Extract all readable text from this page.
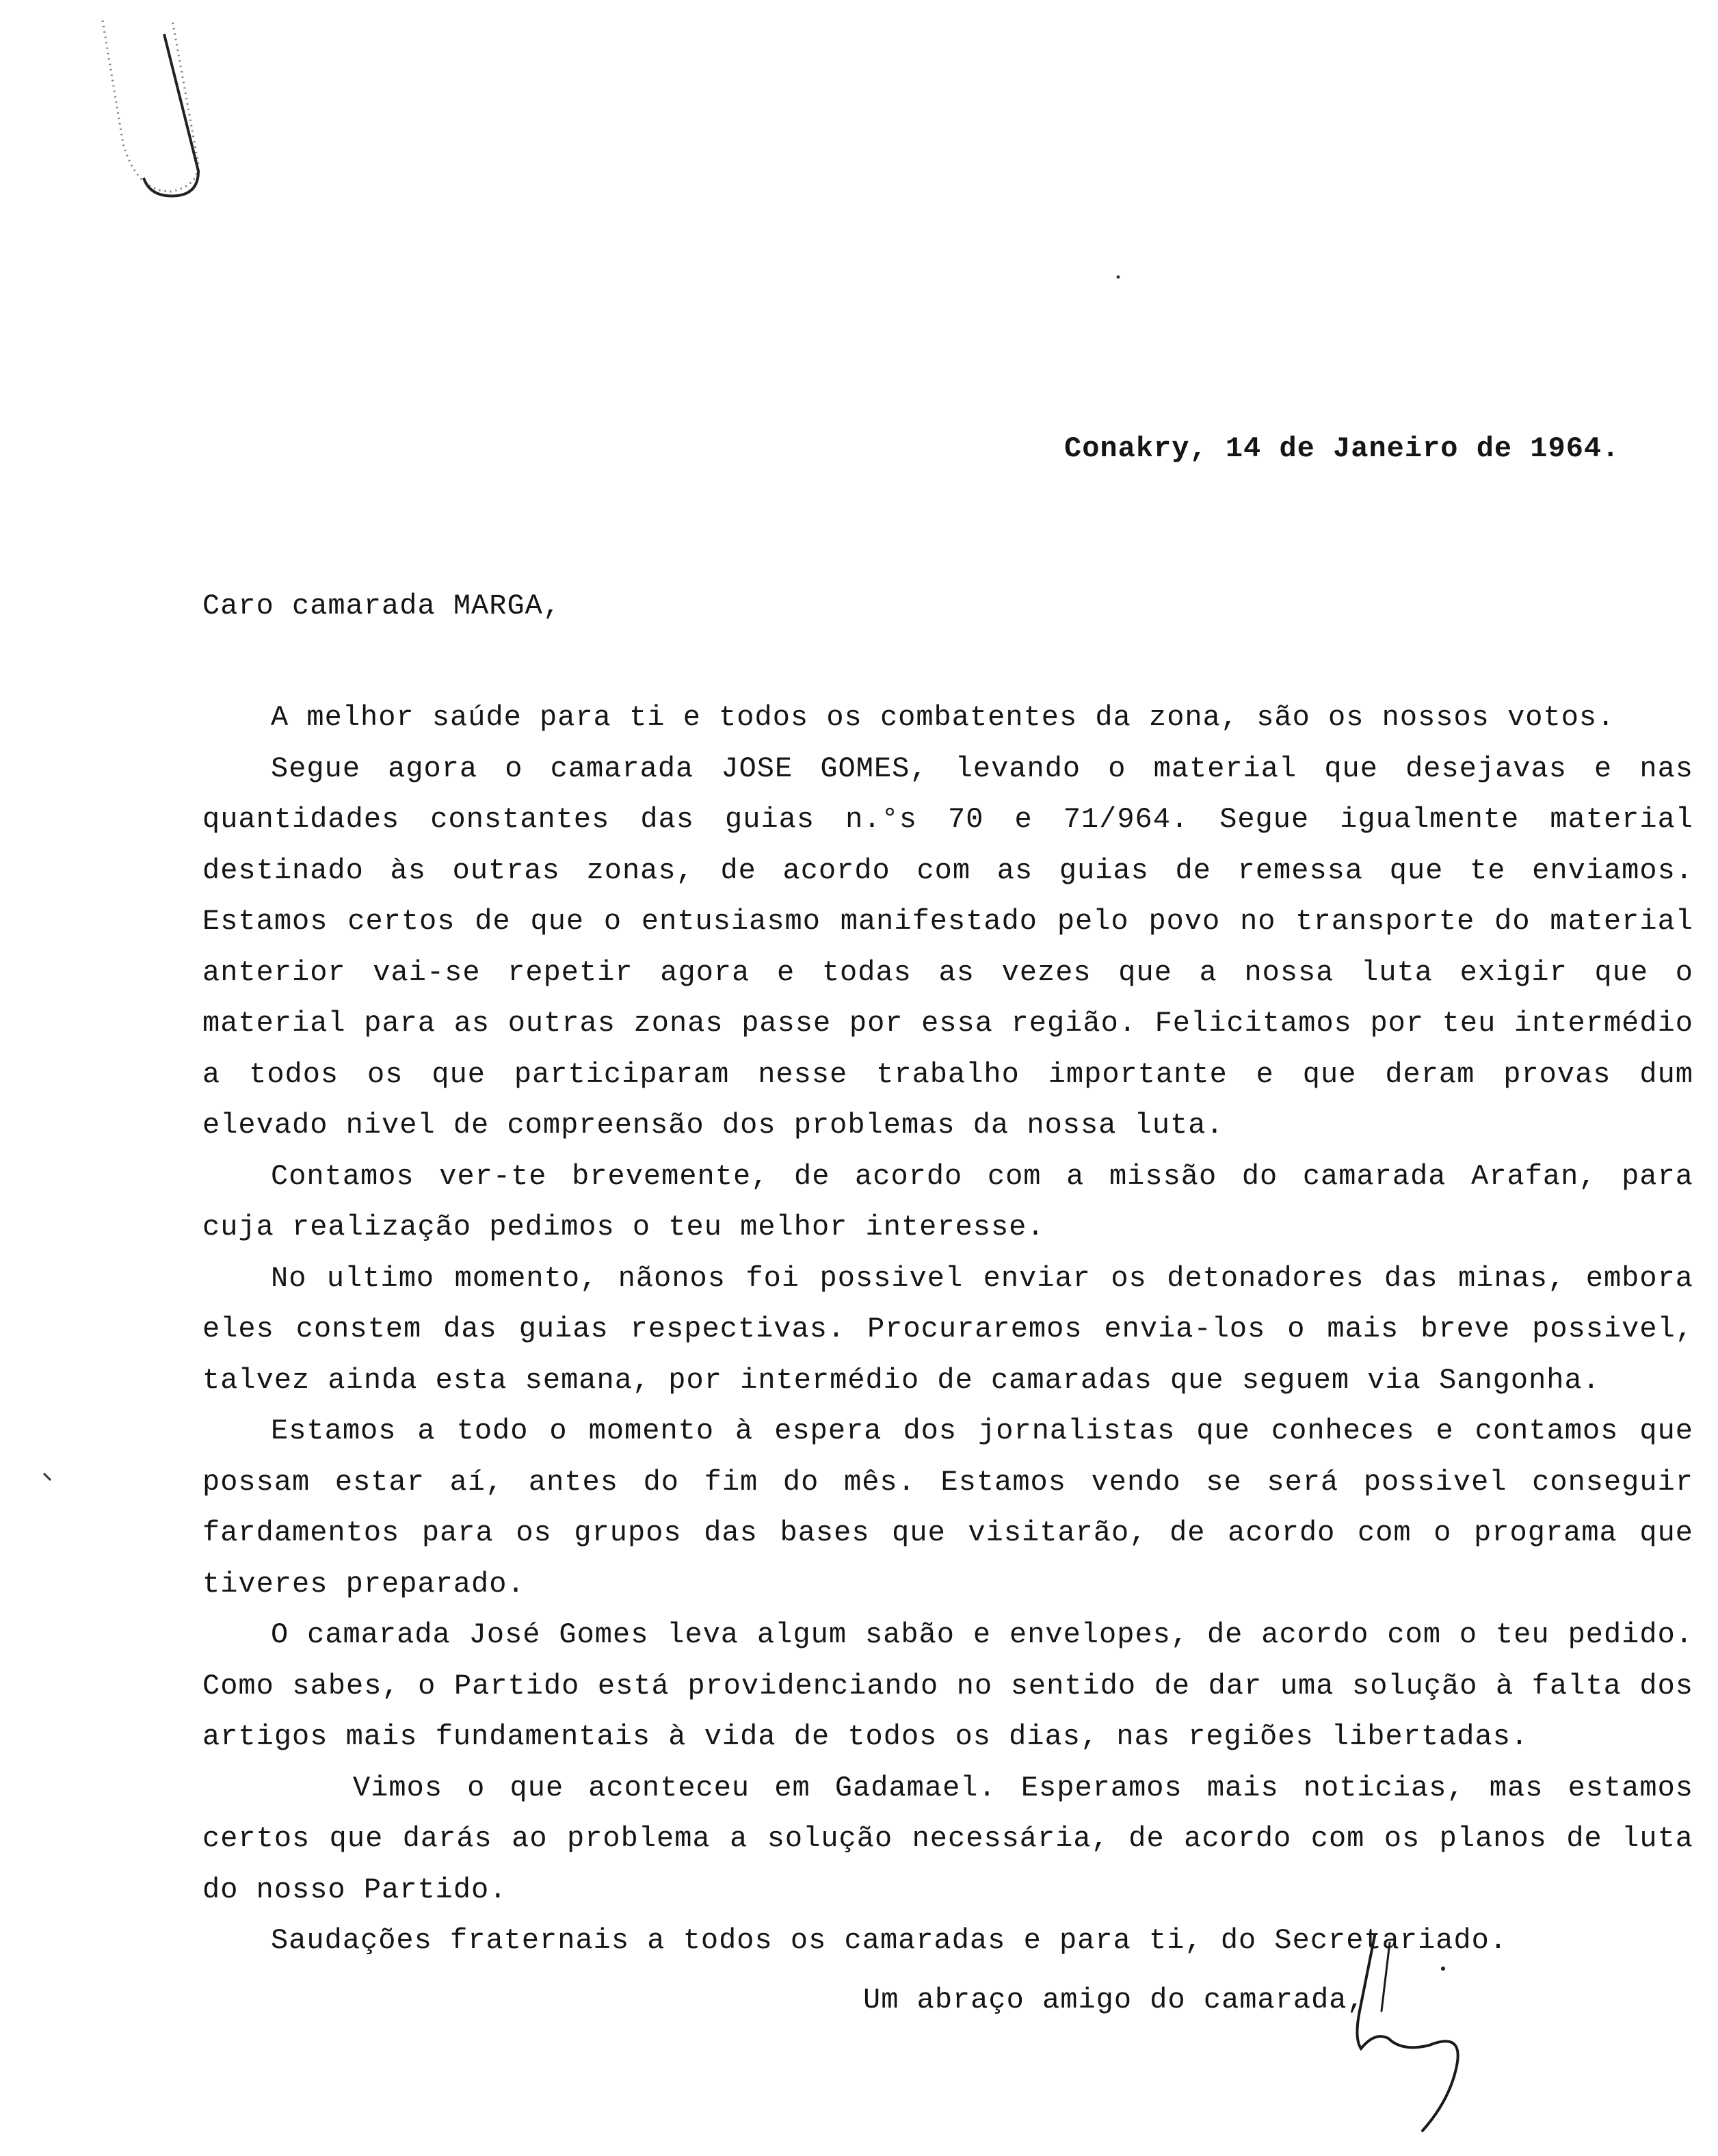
Conakry, 14 de Janeiro de 1964.
Caro camarada MARGA,

A melhor saúde para ti e todos os combatentes da zona, são os nossos votos.

Segue agora o camarada JOSE GOMES, levando o material que desejavas e nas quantidades constantes das guias n.°s 70 e 71/964. Segue igualmente material destinado às outras zonas, de acordo com as guias de remessa que te enviamos. Estamos certos de que o entusiasmo manifestado pelo povo no transporte do material anterior vai-se repetir agora e todas as vezes que a nossa luta exigir que o material para as outras zonas passe por essa região. Felicitamos por teu intermédio a todos os que participaram nesse trabalho importante e que deram provas dum elevado nivel de compreensão dos problemas da nossa luta.

Contamos ver-te brevemente, de acordo com a missão do camarada Arafan, para cuja realização pedimos o teu melhor interesse.

No ultimo momento, nãonos foi possivel enviar os detonadores das minas, embora eles constem das guias respectivas. Procuraremos envia-los o mais breve possivel, talvez ainda esta semana, por intermédio de camaradas que seguem via Sangonha.

Estamos a todo o momento à espera dos jornalistas que conheces e contamos que possam estar aí, antes do fim do mês. Estamos vendo se será possivel conseguir fardamentos para os grupos das bases que visitarão, de acordo com o programa que tiveres preparado.

O camarada José Gomes leva algum sabão e envelopes, de acordo com o teu pedido. Como sabes, o Partido está providenciando no sentido de dar uma solução à falta dos artigos mais fundamentais à vida de todos os dias, nas regiões libertadas.

Vimos o que aconteceu em Gadamael. Esperamos mais noticias, mas estamos certos que darás ao problema a solução necessária, de acordo com os planos de luta do nosso Partido.

Saudações fraternais a todos os camaradas e para ti, do Secretariado.

Um abraço amigo do camarada,
